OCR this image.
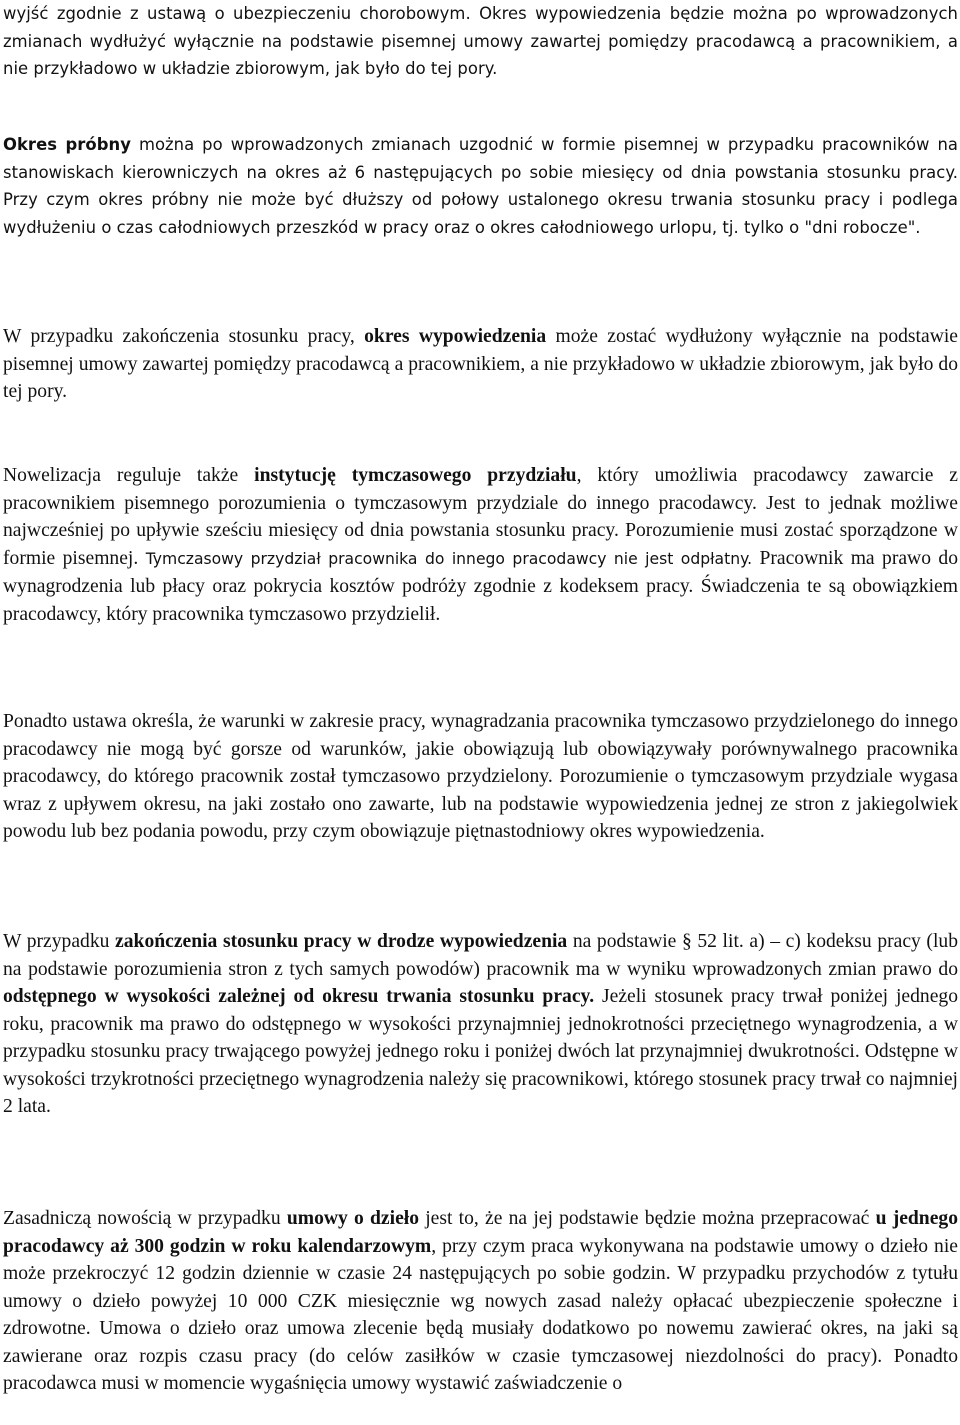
wyjść zgodnie z ustawą o ubezpieczeniu chorobowym. Okres wypowiedzenia będzie można po wprowadzonych zmianach wydłużyć wyłącznie na podstawie pisemnej umowy zawartej pomiędzy pracodawcą a pracownikiem, a nie przykładowo w układzie zbiorowym, jak było do tej pory.

Okres próbny można po wprowadzonych zmianach uzgodnić w formie pisemnej w przypadku pracowników na stanowiskach kierowniczych na okres aż 6 następujących po sobie miesięcy od dnia powstania stosunku pracy. Przy czym okres próbny nie może być dłuższy od połowy ustalonego okresu trwania stosunku pracy i podlega wydłużeniu o czas całodniowych przeszkód w pracy oraz o okres całodniowego urlopu, tj. tylko o "dni robocze".

W przypadku zakończenia stosunku pracy, okres wypowiedzenia może zostać wydłużony wyłącznie na podstawie pisemnej umowy zawartej pomiędzy pracodawcą a pracownikiem, a nie przykładowo w układzie zbiorowym, jak było do tej pory.

Nowelizacja reguluje także instytucję tymczasowego przydziału, który umożliwia pracodawcy zawarcie z pracownikiem pisemnego porozumienia o tymczasowym przydziale do innego pracodawcy. Jest to jednak możliwe najwcześniej po upływie sześciu miesięcy od dnia powstania stosunku pracy. Porozumienie musi zostać sporządzone w formie pisemnej. Tymczasowy przydział pracownika do innego pracodawcy nie jest odpłatny. Pracownik ma prawo do wynagrodzenia lub płacy oraz pokrycia kosztów podróży zgodnie z kodeksem pracy. Świadczenia te są obowiązkiem pracodawcy, który pracownika tymczasowo przydzielił.

Ponadto ustawa określa, że warunki w zakresie pracy, wynagradzania pracownika tymczasowo przydzielonego do innego pracodawcy nie mogą być gorsze od warunków, jakie obowiązują lub obowiązywały porównywalnego pracownika pracodawcy, do którego pracownik został tymczasowo przydzielony. Porozumienie o tymczasowym przydziale wygasa wraz z upływem okresu, na jaki zostało ono zawarte, lub na podstawie wypowiedzenia jednej ze stron z jakiegolwiek powodu lub bez podania powodu, przy czym obowiązuje piętnastodniowy okres wypowiedzenia.

W przypadku zakończenia stosunku pracy w drodze wypowiedzenia na podstawie § 52 lit. a) – c) kodeksu pracy (lub na podstawie porozumienia stron z tych samych powodów) pracownik ma w wyniku wprowadzonych zmian prawo do odstępnego w wysokości zależnej od okresu trwania stosunku pracy. Jeżeli stosunek pracy trwał poniżej jednego roku, pracownik ma prawo do odstępnego w wysokości przynajmniej jednokrotności przeciętnego wynagrodzenia, a w przypadku stosunku pracy trwającego powyżej jednego roku i poniżej dwóch lat przynajmniej dwukrotności. Odstępne w wysokości trzykrotności przeciętnego wynagrodzenia należy się pracownikowi, którego stosunek pracy trwał co najmniej 2 lata.

Zasadniczą nowością w przypadku umowy o dzieło jest to, że na jej podstawie będzie można przepracować u jednego pracodawcy aż 300 godzin w roku kalendarzowym, przy czym praca wykonywana na podstawie umowy o dzieło nie może przekroczyć 12 godzin dziennie w czasie 24 następujących po sobie godzin. W przypadku przychodów z tytułu umowy o dzieło powyżej 10 000 CZK miesięcznie wg nowych zasad należy opłacać ubezpieczenie społeczne i zdrowotne. Umowa o dzieło oraz umowa zlecenie będą musiały dodatkowo po nowemu zawierać okres, na jaki są zawierane oraz rozpis czasu pracy (do celów zasiłków w czasie tymczasowej niezdolności do pracy). Ponadto pracodawca musi w momencie wygaśnięcia umowy wystawić zaświadczenie o
